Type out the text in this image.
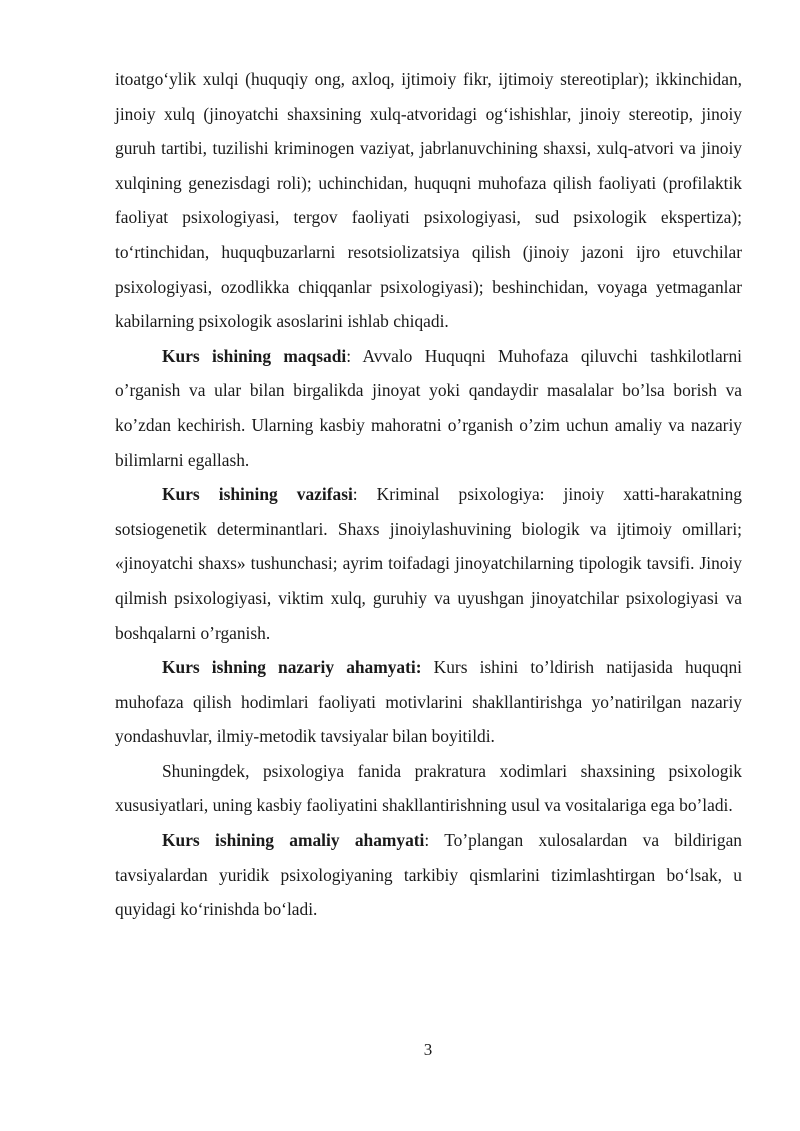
itoatgo‘ylik xulqi (huquqiy ong, axloq, ijtimoiy fikr, ijtimoiy stereotiplar); ikkinchidan, jinoiy xulq (jinoyatchi shaxsining xulq-atvoridagi og‘ishishlar, jinoiy stereotip, jinoiy guruh tartibi, tuzilishi kriminogen vaziyat, jabrlanuvchining shaxsi, xulq-atvori va jinoiy xulqining genezisdagi roli); uchinchidan, huquqni muhofaza qilish faoliyati (profilaktik faoliyat psixologiyasi, tergov faoliyati psixologiyasi, sud psixologik ekspertiza); to‘rtinchidan, huquqbuzarlarni resotsiolizatsiya qilish (jinoiy jazoni ijro etuvchilar psixologiyasi, ozodlikka chiqqanlar psixologiyasi); beshinchidan, voyaga yetmaganlar kabilarning psixologik asoslarini ishlab chiqadi.

Kurs ishining maqsadi: Avvalo Huquqni Muhofaza qiluvchi tashkilotlarni o’rganish va ular bilan birgalikda jinoyat yoki qandaydir masalalar bo’lsa borish va ko’zdan kechirish. Ularning kasbiy mahoratni o’rganish o’zim uchun amaliy va nazariy bilimlarni egallash.

Kurs ishining vazifasi: Kriminal psixologiya: jinoiy xatti-harakatning sotsiogenetik determinantlari. Shaxs jinoiylashuvining biologik va ijtimoiy omillari; «jinoyatchi shaxs» tushunchasi; ayrim toifadagi jinoyatchilarning tipologik tavsifi. Jinoiy qilmish psixologiyasi, viktim xulq, guruhiy va uyushgan jinoyatchilar psixologiyasi va boshqalarni o’rganish.

Kurs ishning nazariy ahamyati: Kurs ishini to’ldirish natijasida huquqni muhofaza qilish hodimlari faoliyati motivlarini shakllantirishga yo’natirilgan nazariy yondashuvlar, ilmiy-metodik tavsiyalar bilan boyitildi.

Shuningdek, psixologiya fanida prakratura xodimlari shaxsining psixologik xususiyatlari, uning kasbiy faoliyatini shakllantirishning usul va vositalariga ega bo’ladi.

Kurs ishining amaliy ahamyati: To’plangan xulosalardan va bildirigan tavsiyalardan yuridik psixologiyaning tarkibiy qismlarini tizimlashtirgan bo‘lsak, u quyidagi ko‘rinishda bo‘ladi.

3
